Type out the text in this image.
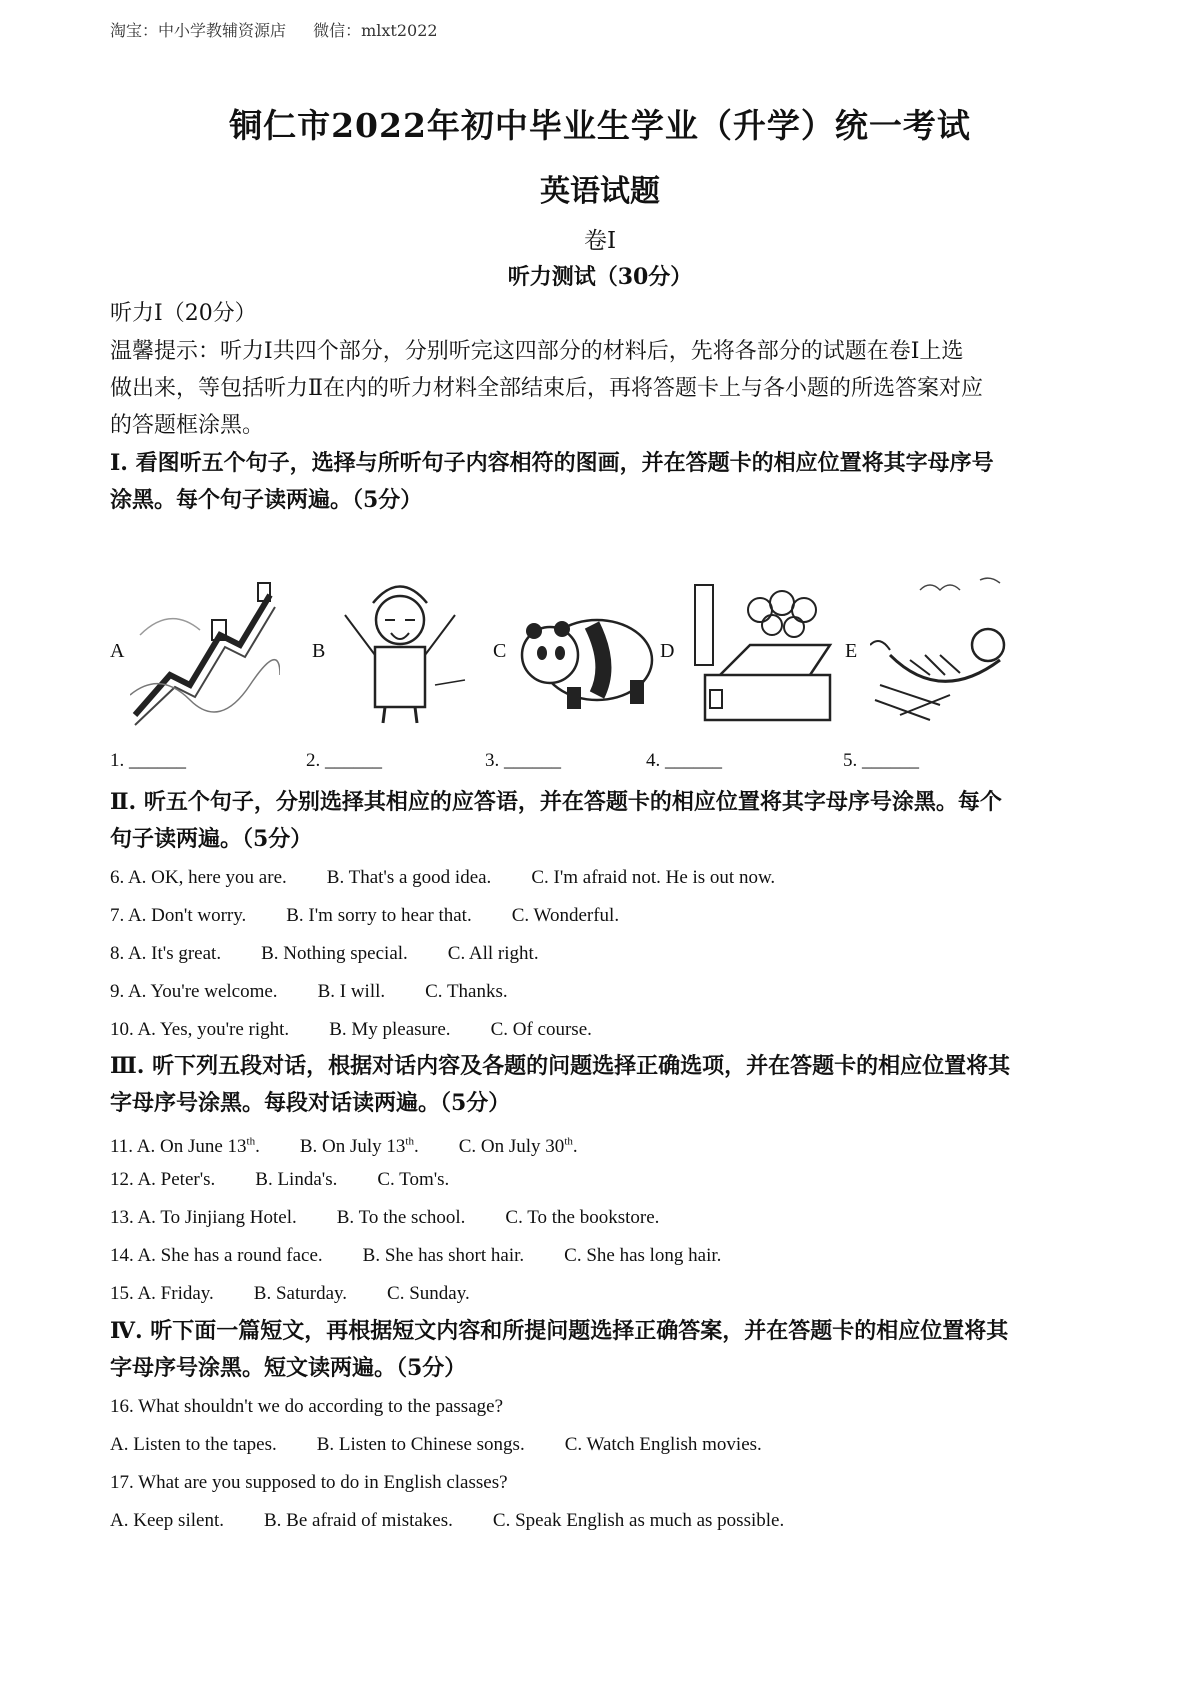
淘宝：中小学教辅资源店 微信：mlxt2022
铜仁市2022年初中毕业生学业（升学）统一考试
英语试题
卷Ⅰ
听力测试（30分）
听力Ⅰ（20分）
温馨提示：听力Ⅰ共四个部分，分别听完这四部分的材料后，先将各部分的试题在卷Ⅰ上选
做出来，等包括听力Ⅱ在内的听力材料全部结束后，再将答题卡上与各小题的所选答案对应
的答题框涂黑。
Ⅰ. 看图听五个句子，选择与所听句子内容相符的图画，并在答题卡的相应位置将其字母序号
涂黑。每个句子读两遍。（5分）
A	B	C	D	E
1. ______	2. ______	3. ______	4. ______	5. ______
Ⅱ. 听五个句子，分别选择其相应的应答语，并在答题卡的相应位置将其字母序号涂黑。每个
句子读两遍。（5分）
6. A. OK, here you are. B. That's a good idea. C. I'm afraid not. He is out now.
7. A. Don't worry. B. I'm sorry to hear that. C. Wonderful.
8. A. It's great. B. Nothing special. C. All right.
9. A. You're welcome. B. I will. C. Thanks.
10. A. Yes, you're right. B. My pleasure. C. Of course.
Ⅲ. 听下列五段对话，根据对话内容及各题的问题选择正确选项，并在答题卡的相应位置将其
字母序号涂黑。每段对话读两遍。（5分）
11. A. On June 13th. B. On July 13th. C. On July 30th.
12. A. Peter's. B. Linda's. C. Tom's.
13. A. To Jinjiang Hotel. B. To the school. C. To the bookstore.
14. A. She has a round face. B. She has short hair. C. She has long hair.
15. A. Friday. B. Saturday. C. Sunday.
Ⅳ. 听下面一篇短文，再根据短文内容和所提问题选择正确答案，并在答题卡的相应位置将其
字母序号涂黑。短文读两遍。（5分）
16. What shouldn't we do according to the passage?
A. Listen to the tapes. B. Listen to Chinese songs. C. Watch English movies.
17. What are you supposed to do in English classes?
A. Keep silent. B. Be afraid of mistakes. C. Speak English as much as possible.
